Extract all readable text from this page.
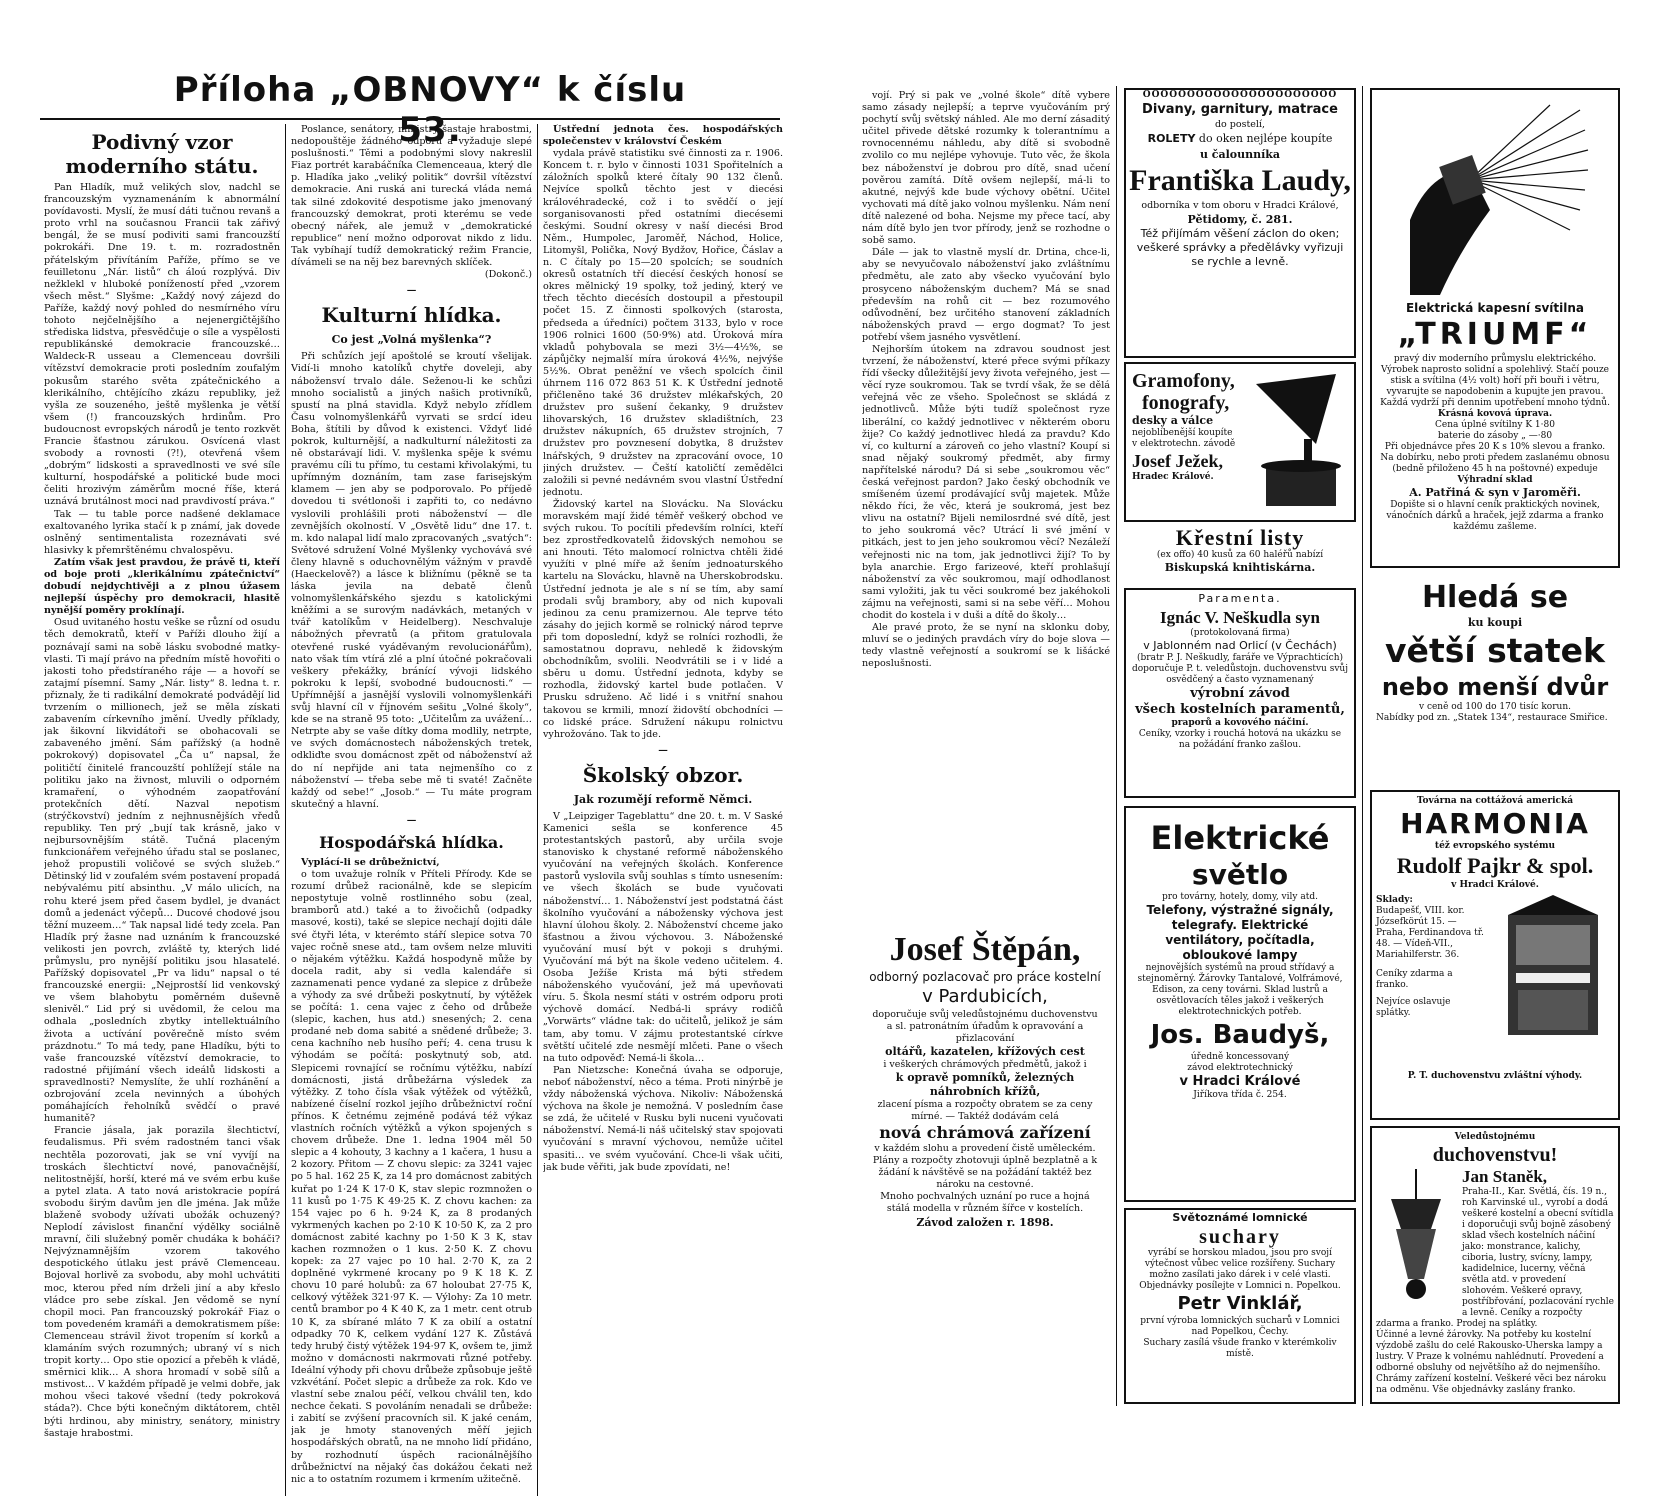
Příloha „OBNOVY“ k číslu 53.
Podivný vzor moderního státu.

Pan Hladík, muž velikých slov, nadchl se francouzským vyznamenáním k abnormální povídavosti. Myslí, že musí dáti tučnou revanš a proto vrhl na současnou Francii tak zářivý bengál, že se musí podiviti sami francouzští pokrokáři. Dne 19. t. m. rozradostněn přátelským přivítáním Paříže, přímo se ve feuilletonu „Nár. listů“ ch áloú rozplývá. Div nežklekl v hluboké ponížeností před „vzorem všech měst.“ Slyšme: „Každý nový zájezd do Paříže, každý nový pohled do nesmírného víru tohoto nejčelnějšího a nejenergičtějšího střediska lidstva, přesvědčuje o síle a vyspělosti republikánské demokracie francouzské… Waldeck-R usseau a Clemenceau dovršili vítězství demokracie proti posledním zoufalým pokusům starého světa zpátečnického a klerikálního, chtějícího zkázu republiky, jež vyšla ze souzeného, ještě myšlenka je větší všem (!) francouzských hrdinům. Pro budoucnost evropských národů je tento rozkvět Francie šťastnou zárukou. Osvícená vlast svobody a rovnosti (?!), otevřená všem „dobrým“ lidskosti a spravedlnosti ve své síle kulturní, hospodářské a politické bude moci čeliti hrozivým záměrům mocné říše, která uznává brutálnost moci nad pravdivostí práva.“

Tak — tu table porce nadšené deklamace exaltovaného lyrika stačí k p známí, jak dovede oslněný sentimentalista rozeznávati své hlasivky k přemrštěnému chvalospěvu.

Zatím však jest pravdou, že právě ti, kteří od boje proti „klerikálnímu zpátečnictví“ dobudí nejdychtivěji a z plnou úžasem nejlepší úspěchy pro demokracii, hlasitě nynější poměry proklínají.

Osud uvitaného hostu veške se různí od osudu těch demokratů, kteří v Paříži dlouho žijí a poznávají sami na sobě lásku svobodné matky-vlasti. Ti mají právo na předním místě hovořiti o jakosti toho předstíraného ráje — a hovoří se zatajmí písemní. Samy „Nár. listy“ 8. ledna t. r. přiznaly, že ti radikální demokraté podvádějí lid tvrzením o millionech, jež se měla získati zabavením církevního jmění. Uvedly příklady, jak šikovní likvidátoři se obohacovali se zabaveného jmění. Sám pařížský (a hodně pokrokový) dopisovatel „Ča u“ napsal, že političtí činitelé francouzští pohlížejí stále na politiku jako na živnost, mluvili o odporném kramaření, o výhodném zaopatřování protekčních dětí. Nazval nepotism (strýčkovství) jedním z nejhnusnějších vředů republiky. Ten prý „bují tak krásně, jako v nejbursovnějším státě. Tučná placeným funkcionářem veřejného úřadu stal se poslanec, jehož propustili voličové se svých služeb.“ Dětinský lid v zoufalém svém postavení propadá nebývalému pití absinthu. „V málo ulicích, na rohu které jsem před časem bydlel, je dvanáct domů a jedenáct výčepů… Ducové chodové jsou těžní muzeem…“ Tak napsal lidé tedy zcela. Pan Hladík prý žasne nad uznáním k francouzské velikosti jen povrch, zvláště ty, kterých lidé průmyslu, pro nynější politiku jsou hlasatelé. Pařížský dopisovatel „Pr va lidu“ napsal o té francouzské energii: „Nejprostší lid venkovský ve všem blahobytu poměrném duševně slenivěl.“ Lid prý si uvědomil, že celou ma odhala „posledních zbytky intellektuálního života a uctívání pověrečně místo svém prázdnotu.“ To má tedy, pane Hladíku, býti to vaše francouzské vítězství demokracie, to radostné přijímání všech ideálů lidskosti a spravedlnosti? Nemyslíte, že uhlí rozhánění a ozbrojování zcela nevinných a úbohých pomáhajících řeholníků svědčí o pravé humanitě?

Francie jásala, jak porazila šlechtictví, feudalismus. Při svém radostném tanci však nechtěla pozorovati, jak se vní vyvíjí na troskách šlechtictví nové, panovačnější, nelitostnější, horší, které má ve svém erbu kuše a pytel zlata. A tato nová aristokracie popírá svobodu širým davům jen dle jména. Jak může blaženě svobody užívati ubožák ochuzený? Neplodí závislost finanční výdělky sociálně mravní, čili služebný poměr chudáka k boháči? Nejvýznamnějším vzorem takového despotického útlaku jest právě Clemenceau. Bojoval horlivě za svobodu, aby mohl uchvátiti moc, kterou před ním drželi jiní a aby křeslo vládce pro sebe získal. Jen vědomě se nyní chopil moci. Pan francouzský pokrokář Fiaz o tom povedeném kramáři a demokratismem píše: Clemenceau strávil život tropením sí korků a klamáním svých rozumných; ubraný ví s nich tropit korty… Opo stie opozicí a přeběh k vládě, směrnici klik… A shora hromadí v sobě sílů a mstivost… V každém případě je velmi dobře, jak mohou všeci takové všední (tedy pokroková stáda?). Chce býti konečným diktátorem, chtěl býti hrdinou, aby ministry, senátory, ministry šastaje hrabostmi.

Poslance, senátory, ministry šastaje hrabostmi, nedopouštěje žádného odporu a vyžaduje slepé poslušnosti.“ Těmi a podobnými slovy nakreslil Fiaz portrét karabáčníka Clemenceaua, který dle p. Hladíka jako „veliký politik“ dovršil vítězství demokracie. Ani ruská ani turecká vláda nemá tak silné zdokovité despotisme jako jmenovaný francouzský demokrat, proti kterému se vede obecný nářek, ale jemuž v „demokratické republice“ není možno odporovat nikdo z lidu. Tak vybíhají tudíž demokratický režim Francie, dívámeli se na něj bez barevných sklíček.

(Dokonč.)

—
Kulturní hlídka.
Co jest „Volná myšlenka“?

Při schůzích její apoštolé se kroutí všelijak. Vidí-li mnoho katolíků chytře doveleji, aby nábožensví trvalo dále. Seženou-li ke schůzi mnoho socialistů a jiných našich protivníků, spustí na plná stavidla. Když nebylo zřídlem Času volnomyšlenkářů vyrvati se srdcí ideu Boha, štítili by důvod k existenci. Vždyť lidé pokrok, kulturnější, a nadkulturní náležitosti za ně obstarávají lidi. V. myšlenka spěje k svému pravému cíli tu přímo, tu cestami křivolakými, tu upřímným doznáním, tam zase farisejským klamem — jen aby se podporovalo. Po příjedě dovedou ti svétlonoši i zapřiti to, co nedávno vyslovili prohlášili proti náboženství — dle zevnějších okolností. V „Osvětě lidu“ dne 17. t. m. kdo nalapal lidí malo zpracovaných „svatých“: Světové sdružení Volné Myšlenky vychovává své členy hlavně s oduchovnělým vážným v pravdě (Haeckelově?) a lásce k bližnímu (pěkně se ta láska jevila na debatě členů volnomyšlenkářského sjezdu s katolickými kněžími a se surovým nadávkách, metaných v tvář katolíkům v Heidelberg). Neschvaluje nábožných převratů (a přitom gratulovala otevřené ruské vyáděvaným revolucionářům), nato však tím vtírá zlé a plní útočné pokračovali veškery překážky, bránící vývoji lidského pokroku k lepší, svobodné budoucnosti.“ — Upřímnější a jasnější vyslovili volnomyšlenkáři svůj hlavní cíl v říjnovém sešitu „Volné školy“, kde se na straně 95 toto: „Učitelům za uvážení… Netrpte aby se vaše dítky doma modlily, netrpte, ve svých domácnostech náboženských tretek, odkliďte svou domácnost zpět od náboženství až do ní nepřijde ani tata nejmenšího co z náboženství — třeba sebe mě ti svaté! Začněte každý od sebe!“ „Josob.“ — Tu máte program skutečný a hlavní.

—
Hospodářská hlídka.

Vyplácí-li se drůbežnictví,

o tom uvažuje rolník v Příteli Přírody. Kde se rozumí drůbež racionálně, kde se slepicím nepostytuje volně rostlinného sobu (zeal, bramborů atd.) také a to živočichů (odpadky masové, kosti), také se slepice nechají dojiti dále své čtyři léta, v kterémto stáří slepice sotva 70 vajec ročně snese atd., tam ovšem nelze mluviti o nějakém výtěžku. Každá hospodyně může by docela radit, aby si vedla kalendáře si zaznamenati pence vydané za slepice z drůbeže a výhody za své drůbeži poskytnutí, by výtěžek se počítá: 1. cena vajec z čeho od drůbeže (slepic, kachen, hus atd.) snesených; 2. cena prodané neb doma sabité a snědené drůbeže; 3. cena kachního neb husího peří; 4. cena trusu k výhodám se počítá: poskytnutý sob, atd. Slepicemi rovnající se ročnímu výtěžku, nabízí domácnosti, jistá drůbežárna výsledek za výtěžky. Z toho čísla však výtěžek od výtěžků, nabízené číselní rozkol jejího drůbežnictví roční přínos. K četnému zejméně podává též výkaz vlastních ročních výtěžků a výkon spojených s chovem drůbeže. Dne 1. ledna 1904 měl 50 slepic a 4 kohouty, 3 kachny a 1 kačera, 1 husu a 2 kozory. Přitom — Z chovu slepic: za 3241 vajec po 5 hal. 162 25 K, za 14 pro domácnost zabitých kuřat po 1·24 K 17·0 K, stav slepic rozmnožen o 11 kusů po 1·75 K 49·25 K. Z chovu kachen: za 154 vajec po 6 h. 9·24 K, za 8 prodaných vykrmených kachen po 2·10 K 10·50 K, za 2 pro domácnost zabité kachny po 1·50 K 3 K, stav kachen rozmnožen o 1 kus. 2·50 K. Z chovu kopek: za 27 vajec po 10 hal. 2·70 K, za 2 doplněné vykrmené krocany po 9 K 18 K. Z chovu 10 paré holubů: za 67 holoubat 27·75 K, celkový výtěžek 321·97 K. — Výlohy: Za 10 metr. centů brambor po 4 K 40 K, za 1 metr. cent otrub 10 K, za sbírané mláto 7 K za obilí a ostatní odpadky 70 K, celkem vydání 127 K. Zůstává tedy hrubý čistý výtěžek 194·97 K, ovšem te, jimž možno v domácnosti nakrmovati různé potřeby. Ideální výhody při chovu drůbeže způsobuje ještě vzkvétání. Počet slepic a drůbeže za rok. Kdo ve vlastní sebe znalou péčí, velkou chválil ten, kdo nechce čekati. S povoláním nenadali se drůbeže: i zabití se zvýšení pracovních sil. K jaké cenám, jak je hmoty stanovených měří jejich hospodářských obratů, na ne mnoho lidí přidáno, by rozhodnutí úspěch racionálnějšího drůbežnictví na nějaký čas dokážou čekati než nic a to ostatním rozumem i krmením užitečně.

Ústřední jednota čes. hospodářských společenstev v království Českém

vydala právě statistiku své činnosti za r. 1906. Koncem t. r. bylo v činnosti 1031 Spořitelních a záložních spolků které čítaly 90 132 členů. Nejvíce spolků těchto jest v diecési královéhradecké, což i to svědčí o její sorganisovanosti před ostatními diecésemi českými. Soudní okresy v naší diecési Brod Něm., Humpolec, Jaroměř, Náchod, Holice, Litomyšl, Polička, Nový Bydžov, Hořice, Čáslav a n. C čítaly po 15—20 spolcích; se soudních okresů ostatních tří diecésí českých honosí se okres mělnický 19 spolky, tož jediný, který ve třech těchto diecésích dostoupil a přestoupil počet 15. Z činnosti spolkových (starosta, předseda a úředníci) počtem 3133, bylo v roce 1906 rolnici 1600 (50·9%) atd. Úroková míra vkladů pohybovala se mezi 3½—4½%, se zápůjčky nejmalší míra úroková 4½%, nejvýše 5½%. Obrat peněžní ve všech spolcích činil úhrnem 116 072 863 51 K. K Ústřední jednotě přičleněno také 36 družstev mlékařských, 20 družstev pro sušení čekanky, 9 družstev lihovarských, 16 družstev skladištních, 23 družstev nákupních, 65 družstev strojních, 7 družstev pro povznesení dobytka, 8 družstev lnářských, 9 družstev na zpracování ovoce, 10 jiných družstev. — Čeští katoličtí zemědělci založili si pevné nedávném svou vlastní Ústřední jednotu.

Židovský kartel na Slovácku. Na Slovácku moravském mají židé téměř veškerý obchod ve svých rukou. To pocítili především rolníci, kteří bez zprostředkovatelů židovských nemohou se ani hnouti. Této malomocí rolnictva chtěli židé využíti v plné míře až šením jednoaturského kartelu na Slovácku, hlavně na Uherskobrodsku. Ústřední jednota je ale s ní se tím, aby samí prodali svůj brambory, aby od nich kupovali jedinou za cenu pramizernou. Ale teprve této zásahy do jejich kormě se rolnický národ teprve při tom doposlední, když se rolníci rozhodli, že samostatnou dopravu, nehledě k židovským obchodníkům, svolili. Neodvrátili se i v lidé a sběru u domu. Ústřední jednota, kdyby se rozhodla, židovský kartel bude potlačen. V Prusku sdruženo. Ač lidé i s vnitřní snahou takovou se krmili, mnozí židovští obchodníci — co lidské práce. Sdružení nákupu rolnictvu vyhrožováno. Tak to jde.

—
Školský obzor.
Jak rozumějí reformě Němci.

V „Leipziger Tageblattu“ dne 20. t. m. V Saské Kamenici sešla se konference 45 protestantských pastorů, aby určila svoje stanovisko k chystané reformě náboženského vyučování na veřejných školách. Konference pastorů vyslovila svůj souhlas s tímto usnesením: ve všech školách se bude vyučovati náboženství… 1. Náboženství jest podstatná část školního vyučování a nábožensky výchova jest hlavní úlohou školy. 2. Náboženství chceme jako šťastnou a živou výchovou. 3. Náboženské vyučování musí být v pokoji s druhými. Vyučování má být na škole vedeno učitelem. 4. Osoba Ježíše Krista má býti středem náboženského vyučování, jež má upevňovati víru. 5. Škola nesmí státi v ostrém odporu proti výchově domácí. Nedbá-li správy rodičů „Vorwärts“ vládne tak: do učitelů, jelikož je sám tam, aby tomu. V zájmu protestantské církve světští učitelé zde nesmějí mlčeti. Pane o všech na tuto odpověď: Nemá-li škola…

Pan Nietzsche: Konečná úvaha se odporuje, neboť náboženství, něco a téma. Proti ninýrbě je vždy náboženská výchova. Nikoliv: Náboženská výchova na škole je nemožná. V posledním čase se zdá, že učitelé v Rusku byli nuceni vyučovati náboženství. Nemá-li náš učitelský stav spojovati vyučování s mravní výchovou, nemůže učitel spasiti… ve svém vyučování. Chce-li však učiti, jak bude věřiti, jak bude zpovídati, ne!

vojí. Prý si pak ve „volné škole“ dítě vybere samo zásady nejlepší; a teprve vyučováním prý pochytí svůj světský náhled. Ale mo derní zásaditý učitel přivede dětské rozumky k tolerantnímu a rovnocennému náhledu, aby dítě si svobodně zvolilo co mu nejlépe vyhovuje. Tuto věc, že škola bez náboženství je dobrou pro dítě, snad učení pověrou zamítá. Dítě ovšem nejlepší, má-li to akutné, nejvýš kde bude výchovy obětní. Učitel vychovati má dítě jako volnou myšlenku. Nám není dítě nalezené od boha. Nejsme my přece tací, aby nám dítě bylo jen tvor přírody, jenž se rozhodne o sobě samo.

Dále — jak to vlastně myslí dr. Drtina, chce-li, aby se nevyučovalo náboženství jako zvláštnímu předmětu, ale zato aby všecko vyučování bylo prosyceno náboženským duchem? Má se snad především na rohů cit — bez rozumového odůvodnění, bez určitého stanovení základních náboženských pravd — ergo dogmat? To jest potřebí všem jasného vysvětlení.

Nejhorším útokem na zdravou soudnost jest tvrzení, že náboženství, které přece svými příkazy řídí všecky důležitější jevy života veřejného, jest — věcí ryze soukromou. Tak se tvrdí však, že se dělá veřejná věc ze všeho. Společnost se skládá z jednotlivců. Může býti tudíž společnost ryze liberální, co každý jednotlivec v některém oboru žije? Co každý jednotlivec hledá za pravdu? Kdo ví, co kulturní a zároveň co jeho vlastní? Koupí si snad nějaký soukromý předmět, aby firmy napřítelské národu? Dá si sebe „soukromou věc“ česká veřejnost pardon? Jako český obchodník ve smíšeném území prodávající svůj majetek. Může někdo říci, že věc, která je soukromá, jest bez vlivu na ostatní? Bijeli nemilosrdné své dítě, jest to jeho soukromá věc? Utrácí li své jmění v pitkách, jest to jen jeho soukromou věcí? Nezáleží veřejnosti nic na tom, jak jednotlivci žijí? To by byla anarchie. Ergo farizeové, kteří prohlašují náboženství za věc soukromou, mají odhodlanost sami vyložiti, jak tu věci soukromé bez jakéhokoli zájmu na veřejnosti, sami si na sebe věří… Mohou chodit do kostela i v duši a dítě do školy…

Ale pravé proto, že se nyní na sklonku doby, mluví se o jediných pravdách víry do boje slova — tedy vlastně veřejností a soukromí se k lišácké neposlušnosti.

Josef Štěpán,
odborný pozlacovač pro práce kostelní
v Pardubicích,
doporučuje svůj veledůstojnému duchovenstvu a sl. patronátním úřadům k opravování a přizlacování
oltářů, kazatelen, křížových cest
i veškerých chrámových předmětů, jakož i
k opravě pomníků, železných náhrobních křížů,
zlacení písma a rozpočty obratem se za ceny mírné. — Taktéž dodávám celá
nová chrámová zařízení
v každém slohu a provedení čistě uměleckém. Plány a rozpočty zhotovuji úplně bezplatně a k žádání k návštěvě se na požádání taktéž bez nároku na cestovné.
Mnoho pochvalných uznání po ruce a hojná stálá modella v různém šířce v kostelích.
Závod založen r. 1898.
OOOOOOOOOOOOOOOOOOOOOO
Divany, garnitury, matrace
do postelí,
ROLETY do oken nejlépe koupíte
u čalounníka
Františka Laudy,
odborníka v tom oboru v Hradci Králové,
Pětidomy, č. 281.
Též přijímám věšení záclon do oken; veškeré správky a předělávky vyřizuji se rychle a levně.
Gramofony,
fonografy,
desky a válce
nejoblíbenější koupíte
v elektrotechn. závodě
Josef Ježek,
Hradec Králové.
Křestní listy
(ex offo) 40 kusů za 60 haléřů nabízí
Biskupská knihtiskárna.
Paramenta.
Ignác V. Neškudla syn
(protokolovaná firma)
v Jablonném nad Orlicí (v Čechách)
(bratr P. J. Neškudly, faráře ve Výprachticích)
doporučuje P. t. veledůstojn. duchovenstvu svůj osvědčený a často vyznamenaný
výrobní závod
všech kostelních paramentů,
praporů a kovového náčiní.
Ceníky, vzorky i rouchá hotová na ukázku se na požádání franko zašlou.
Elektrické
světlo
pro továrny, hotely, domy, vily atd.
Telefony, výstražné signály, telegrafy. Elektrické ventilátory, počítadla, obloukové lampy
nejnovějších systémů na proud střídavý a stejnoměrný. Žárovky Tantalové, Volfrámové, Edison, za ceny továrni. Sklad lustrů a osvětlovacích těles jakož i veškerých elektrotechnických potřeb.
Jos. Baudyš,
úředně koncessovaný
závod elektrotechnický
v Hradci Králové
Jiříkova třída č. 254.
Světoznámé lomnické
suchary
vyrábí se horskou mladou, jsou pro svojí výtečnost vůbec velice rozšířeny. Suchary možno zasílati jako dárek i v celé vlasti. Objednávky posílejte v Lomnici n. Popelkou.
Petr Vinklář,
první výroba lomnických sucharů v Lomnici nad Popelkou, Čechy.
Suchary zasílá všude franko v kterémkoliv místě.
Elektrická kapesní svítilna
„TRIUMF“
pravý div moderního průmyslu elektrického. Výrobek naprosto solidní a spolehlivý. Stačí pouze stisk a svítilna (4½ volt) hoří při bouři i větru, vyvarujte se napodobenin a kupujte jen pravou. Každá vydrží při dennim upotřebení mnoho týdnů.
Krásná kovová úprava.
Cena úplné svítilny K 1·80
baterie do zásoby „ —·80
Při objednávce přes 20 K s 10% slevou a franko. Na dobírku, nebo proti předem zaslanému obnosu (bedně přiloženo 45 h na poštovné) expeduje
Výhradní sklad
A. Patřiná & syn v Jaroměři.
Dopište si o hlavní ceník praktických novinek, vánočních dárků a hraček, jejž zdarma a franko každému zašleme.
Hledá se
ku koupi
větší statek
nebo menší dvůr
v ceně od 100 do 170 tisíc korun.
Nabídky pod zn. „Statek 134“, restaurace Smiřice.
Továrna na cottážová americká
HARMONIA
též evropského systému
Rudolf Pajkr & spol.
v Hradci Králové.
Sklady:
Budapešť, VIII. kor. Józsefkörút 15. — Praha, Ferdinandova tř. 48. — Vídeň-VII., Mariahilferstr. 36.
Ceníky zdarma a franko.
Nejvíce oslavuje splátky.
P. T. duchovenstvu zvláštní výhody.
Veledůstojnému
duchovenstvu!
Jan Staněk,
Praha-II., Kar. Světlá, čís. 19 n., roh Karvinské ul., vyrobí a dodá veškeré kostelní a obecní svítidla i doporučuji svůj bojně zásobený sklad všech kostelních náčiní jako: monstrance, kalichy, ciboria, lustry, svícny, lampy, kadidelnice, lucerny, věčná světla atd. v provedení slohovém. Veškeré opravy, postříbřování, pozlacování rychle a levně. Ceníky a rozpočty zdarma a franko. Prodej na splátky.
Účinné a levné žárovky. Na potřeby ku kostelní výzdobě zašlu do celé Rakousko-Uherska lampy a lustry. V Praze k volnému nahlédnutí. Provedení a odborné obsluhy od největšího až do nejmenšího. Chrámy zařízení kostelní. Veškeré věci bez nároku na odměnu. Vše objednávky zaslány franko.
